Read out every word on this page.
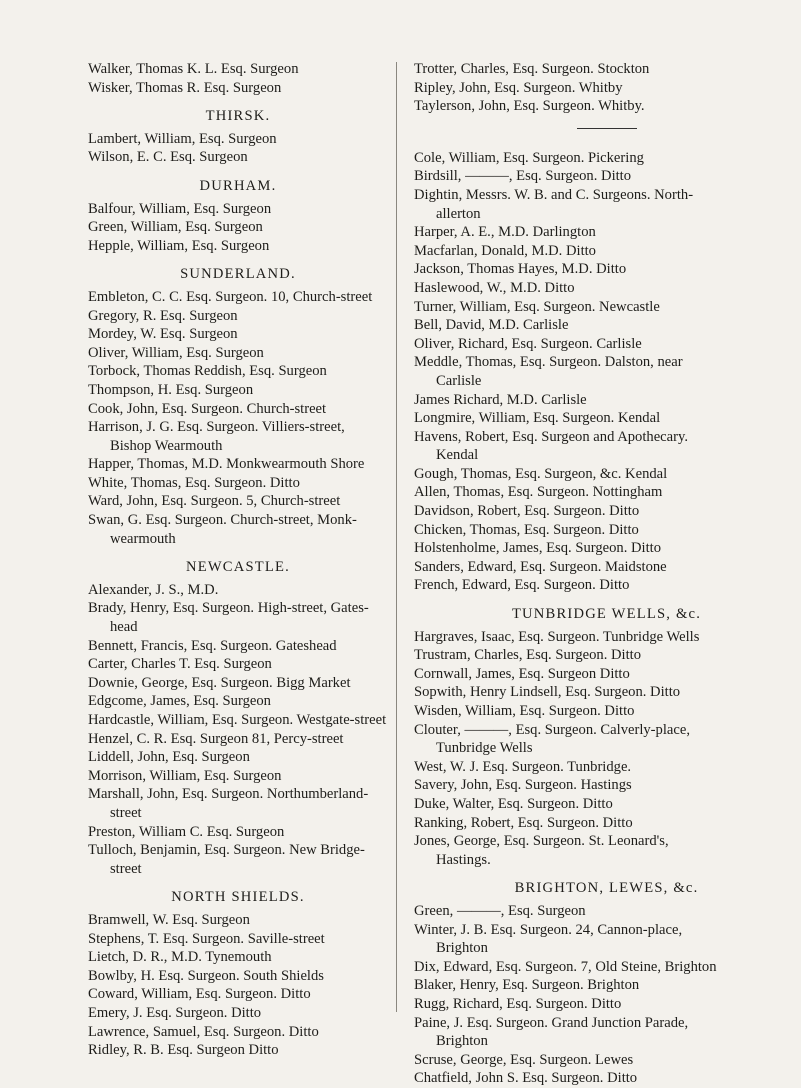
Walker, Thomas K. L. Esq. Surgeon
Wisker, Thomas R. Esq. Surgeon
THIRSK.
Lambert, William, Esq. Surgeon
Wilson, E. C. Esq. Surgeon
DURHAM.
Balfour, William, Esq. Surgeon
Green, William, Esq. Surgeon
Hepple, William, Esq. Surgeon
SUNDERLAND.
Embleton, C. C. Esq. Surgeon. 10, Church-street
Gregory, R. Esq. Surgeon
Mordey, W. Esq. Surgeon
Oliver, William, Esq. Surgeon
Torbock, Thomas Reddish, Esq. Surgeon
Thompson, H. Esq. Surgeon
Cook, John, Esq. Surgeon. Church-street
Harrison, J. G. Esq. Surgeon. Villiers-street,
Bishop Wearmouth
Happer, Thomas, M.D. Monkwearmouth Shore
White, Thomas, Esq. Surgeon. Ditto
Ward, John, Esq. Surgeon. 5, Church-street
Swan, G. Esq. Surgeon. Church-street, Monk-
wearmouth
NEWCASTLE.
Alexander, J. S., M.D.
Brady, Henry, Esq. Surgeon. High-street, Gates-
head
Bennett, Francis, Esq. Surgeon. Gateshead
Carter, Charles T. Esq. Surgeon
Downie, George, Esq. Surgeon. Bigg Market
Edgcome, James, Esq. Surgeon
Hardcastle, William, Esq. Surgeon. Westgate-street
Henzel, C. R. Esq. Surgeon 81, Percy-street
Liddell, John, Esq. Surgeon
Morrison, William, Esq. Surgeon
Marshall, John, Esq. Surgeon. Northumberland-
street
Preston, William C. Esq. Surgeon
Tulloch, Benjamin, Esq. Surgeon. New Bridge-
street
NORTH SHIELDS.
Bramwell, W. Esq. Surgeon
Stephens, T. Esq. Surgeon. Saville-street
Lietch, D. R., M.D. Tynemouth
Bowlby, H. Esq. Surgeon. South Shields
Coward, William, Esq. Surgeon. Ditto
Emery, J. Esq. Surgeon. Ditto
Lawrence, Samuel, Esq. Surgeon. Ditto
Ridley, R. B. Esq. Surgeon Ditto
Trotter, Charles, Esq. Surgeon. Stockton
Ripley, John, Esq. Surgeon. Whitby
Taylerson, John, Esq. Surgeon. Whitby.
Cole, William, Esq. Surgeon. Pickering
Birdsill, ———, Esq. Surgeon. Ditto
Dightin, Messrs. W. B. and C. Surgeons. North-
allerton
Harper, A. E., M.D. Darlington
Macfarlan, Donald, M.D. Ditto
Jackson, Thomas Hayes, M.D. Ditto
Haslewood, W., M.D. Ditto
Turner, William, Esq. Surgeon. Newcastle
Bell, David, M.D. Carlisle
Oliver, Richard, Esq. Surgeon. Carlisle
Meddle, Thomas, Esq. Surgeon. Dalston, near
Carlisle
James Richard, M.D. Carlisle
Longmire, William, Esq. Surgeon. Kendal
Havens, Robert, Esq. Surgeon and Apothecary.
Kendal
Gough, Thomas, Esq. Surgeon, &c. Kendal
Allen, Thomas, Esq. Surgeon. Nottingham
Davidson, Robert, Esq. Surgeon. Ditto
Chicken, Thomas, Esq. Surgeon. Ditto
Holstenholme, James, Esq. Surgeon. Ditto
Sanders, Edward, Esq. Surgeon. Maidstone
French, Edward, Esq. Surgeon. Ditto
TUNBRIDGE WELLS, &c.
Hargraves, Isaac, Esq. Surgeon. Tunbridge Wells
Trustram, Charles, Esq. Surgeon. Ditto
Cornwall, James, Esq. Surgeon Ditto
Sopwith, Henry Lindsell, Esq. Surgeon. Ditto
Wisden, William, Esq. Surgeon. Ditto
Clouter, ———, Esq. Surgeon. Calverly-place,
Tunbridge Wells
West, W. J. Esq. Surgeon. Tunbridge.
Savery, John, Esq. Surgeon. Hastings
Duke, Walter, Esq. Surgeon. Ditto
Ranking, Robert, Esq. Surgeon. Ditto
Jones, George, Esq. Surgeon. St. Leonard's,
Hastings.
BRIGHTON, LEWES, &c.
Green, ———, Esq. Surgeon
Winter, J. B. Esq. Surgeon. 24, Cannon-place,
Brighton
Dix, Edward, Esq. Surgeon. 7, Old Steine, Brighton
Blaker, Henry, Esq. Surgeon. Brighton
Rugg, Richard, Esq. Surgeon. Ditto
Paine, J. Esq. Surgeon. Grand Junction Parade,
Brighton
Scruse, George, Esq. Surgeon. Lewes
Chatfield, John S. Esq. Surgeon. Ditto
